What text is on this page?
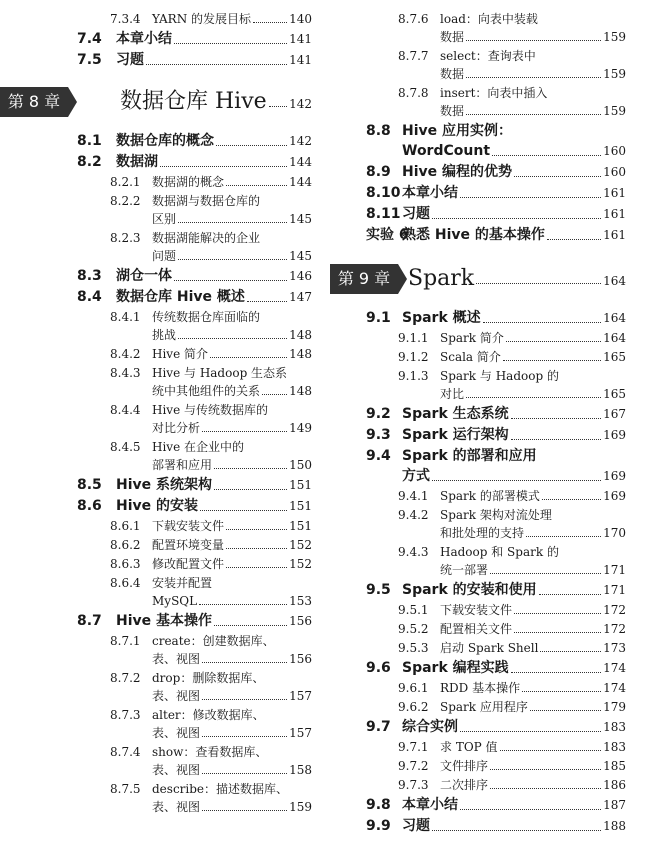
7.3.4 YARN 的发展目标	140
7.4 本章小结	141
7.5 习题	141
第 8 章	数据仓库 Hive 142
8.1 数据仓库的概念	142
8.2 数据湖	144
8.2.1 数据湖的概念	144
8.2.2 数据湖与数据仓库的
区别	145
8.2.3 数据湖能解决的企业
问题	145
8.3 湖仓一体	146
8.4 数据仓库 Hive 概述	147
8.4.1 传统数据仓库面临的
挑战	148
8.4.2 Hive 简介	148
8.4.3 Hive 与 Hadoop 生态系
统中其他组件的关系 148
8.4.4 Hive 与传统数据库的
对比分析	149
8.4.5 Hive 在企业中的
部署和应用	150
8.5 Hive 系统架构	151
8.6 Hive 的安装	151
8.6.1 下载安装文件	151
8.6.2 配置环境变量	152
8.6.3 修改配置文件	152
8.6.4 安装并配置
MySQL	153
8.7 Hive 基本操作	156
8.7.1 create：创建数据库、
表、视图	156
8.7.2 drop：删除数据库、
表、视图	157
8.7.3 alter：修改数据库、
表、视图	157
8.7.4 show：查看数据库、
表、视图	158
8.7.5 describe：描述数据库、
表、视图	159
8.7.6 load：向表中装载
数据	159
8.7.7 select：查询表中
数据	159
8.7.8 insert：向表中插入
数据	159
8.8 Hive 应用实例：
WordCount	160
8.9 Hive 编程的优势	160
8.10 本章小结	161
8.11 习题	161
实验 6
熟悉 Hive 的基本操作	161
第 9 章 Spark	164
9.1 Spark 概述	164
9.1.1 Spark 简介	164
9.1.2 Scala 简介	165
9.1.3 Spark 与 Hadoop 的
对比	165
9.2 Spark 生态系统	167
9.3 Spark 运行架构	169
9.4 Spark 的部署和应用
方式	169
9.4.1 Spark 的部署模式	169
9.4.2 Spark 架构对流处理
和批处理的支持	170
9.4.3 Hadoop 和 Spark 的
统一部署	171
9.5 Spark 的安装和使用	171
9.5.1 下载安装文件	172
9.5.2 配置相关文件	172
9.5.3 启动 Spark Shell	173
9.6 Spark 编程实践	174
9.6.1 RDD 基本操作	174
9.6.2 Spark 应用程序	179
9.7 综合实例	183
9.7.1 求 TOP 值	183
9.7.2 文件排序	185
9.7.3 二次排序	186
9.8 本章小结	187
9.9 习题	188
